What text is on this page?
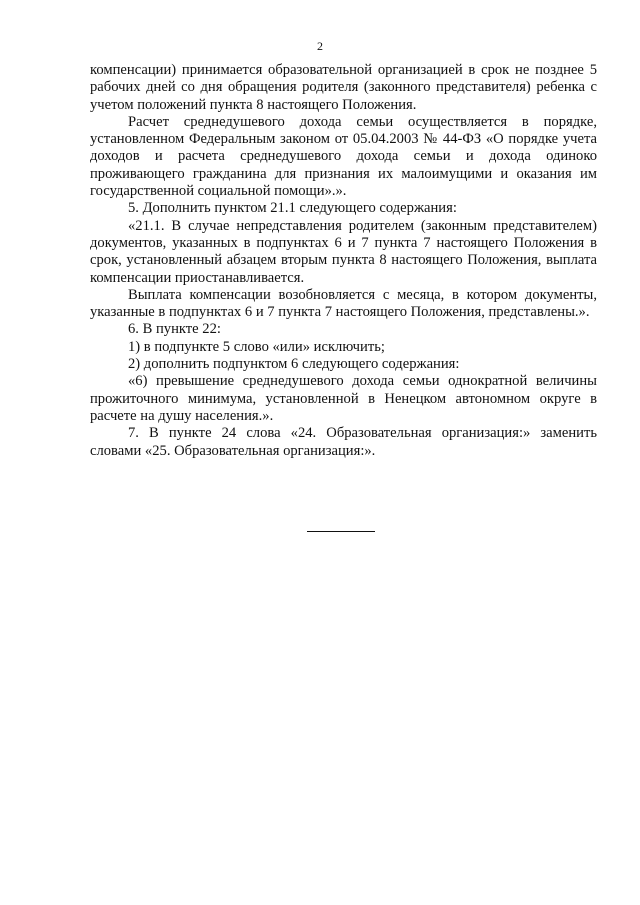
2

компенсации) принимается образовательной организацией в срок не позднее 5 рабочих дней со дня обращения родителя (законного представителя) ребенка с учетом положений пункта 8 настоящего Положения.

Расчет среднедушевого дохода семьи осуществляется в порядке, установленном Федеральным законом от 05.04.2003 № 44-ФЗ «О порядке учета доходов и расчета среднедушевого дохода семьи и дохода одиноко проживающего гражданина для признания их малоимущими и оказания им государственной социальной помощи».».

5. Дополнить пунктом 21.1 следующего содержания:

«21.1. В случае непредставления родителем (законным представителем) документов, указанных в подпунктах 6 и 7 пункта 7 настоящего Положения в срок, установленный абзацем вторым пункта 8 настоящего Положения, выплата компенсации приостанавливается.

Выплата компенсации возобновляется с месяца, в котором документы, указанные в подпунктах 6 и 7 пункта 7 настоящего Положения, представлены.».

6. В пункте 22:

1) в подпункте 5 слово «или» исключить;

2) дополнить подпунктом 6 следующего содержания:

«6) превышение среднедушевого дохода семьи однократной величины прожиточного минимума, установленной в Ненецком автономном округе в расчете на душу населения.».

7. В пункте 24 слова «24. Образовательная организация:» заменить словами «25. Образовательная организация:».
